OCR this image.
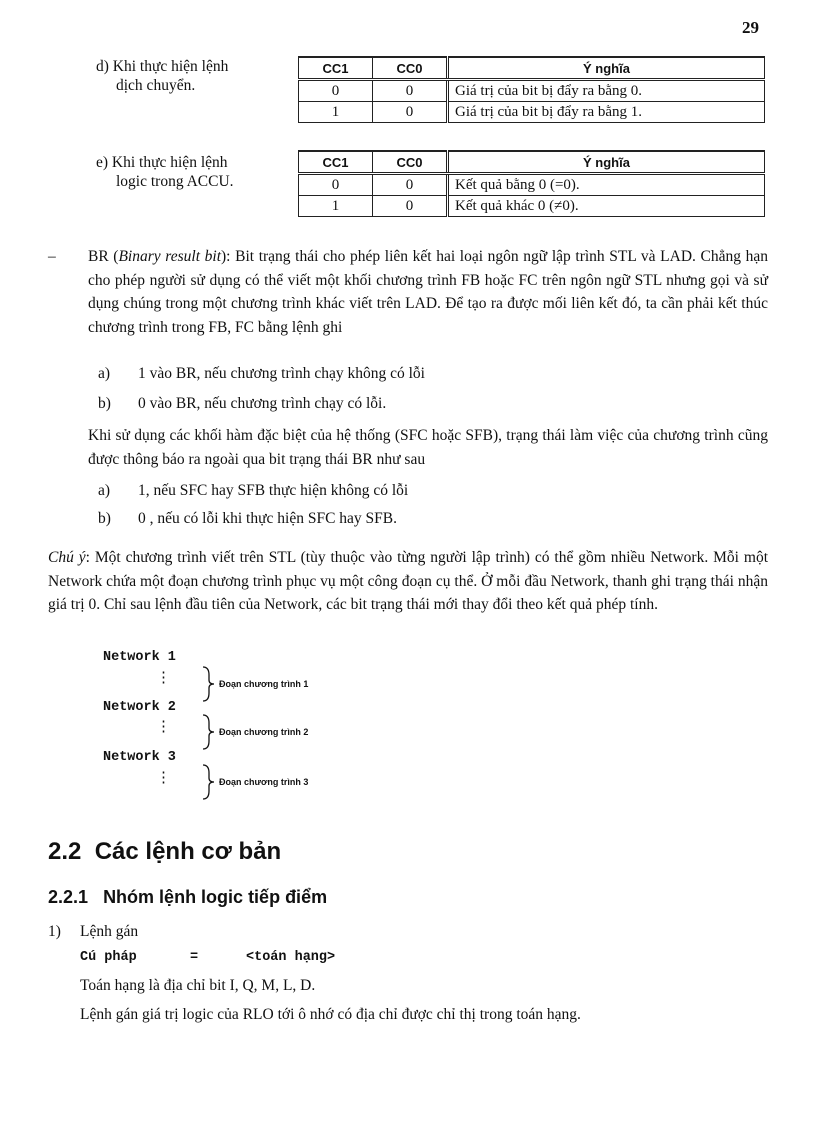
29
d) Khi thực hiện lệnh
dịch chuyển.
CC1	CC0	Ý nghĩa
0	0	Giá trị của bit bị đẩy ra bằng 0.
1	0	Giá trị của bit bị đẩy ra bằng 1.
e) Khi thực hiện lệnh
logic trong ACCU.
CC1	CC0	Ý nghĩa
0	0	Kết quả bằng 0 (=0).
1	0	Kết quả khác 0 (≠0).
– BR (Binary result bit): Bit trạng thái cho phép liên kết hai loại ngôn ngữ lập trình STL và LAD. Chẳng hạn cho phép người sử dụng có thể viết một khối chương trình FB hoặc FC trên ngôn ngữ STL nhưng gọi và sử dụng chúng trong một chương trình khác viết trên LAD. Để tạo ra được mối liên kết đó, ta cần phải kết thúc chương trình trong FB, FC bằng lệnh ghi
a) 1 vào BR, nếu chương trình chạy không có lỗi
b) 0 vào BR, nếu chương trình chạy có lỗi.
Khi sử dụng các khối hàm đặc biệt của hệ thống (SFC hoặc SFB), trạng thái làm việc của chương trình cũng được thông báo ra ngoài qua bit trạng thái BR như sau
a) 1, nếu SFC hay SFB thực hiện không có lỗi
b) 0 , nếu có lỗi khi thực hiện SFC hay SFB.
Chú ý: Một chương trình viết trên STL (tùy thuộc vào từng người lập trình) có thể gồm nhiều Network. Mỗi một Network chứa một đoạn chương trình phục vụ một công đoạn cụ thể. Ở mỗi đầu Network, thanh ghi trạng thái nhận giá trị 0. Chỉ sau lệnh đầu tiên của Network, các bit trạng thái mới thay đổi theo kết quả phép tính.
Network 1
⋮	Đoạn chương trình 1
Network 2
⋮	Đoạn chương trình 2
Network 3
⋮	Đoạn chương trình 3
2.2 Các lệnh cơ bản
2.2.1 Nhóm lệnh logic tiếp điểm
1) Lệnh gán
Cú pháp	=	<toán hạng>
Toán hạng là địa chỉ bit I, Q, M, L, D.
Lệnh gán giá trị logic của RLO tới ô nhớ có địa chỉ được chỉ thị trong toán hạng.
